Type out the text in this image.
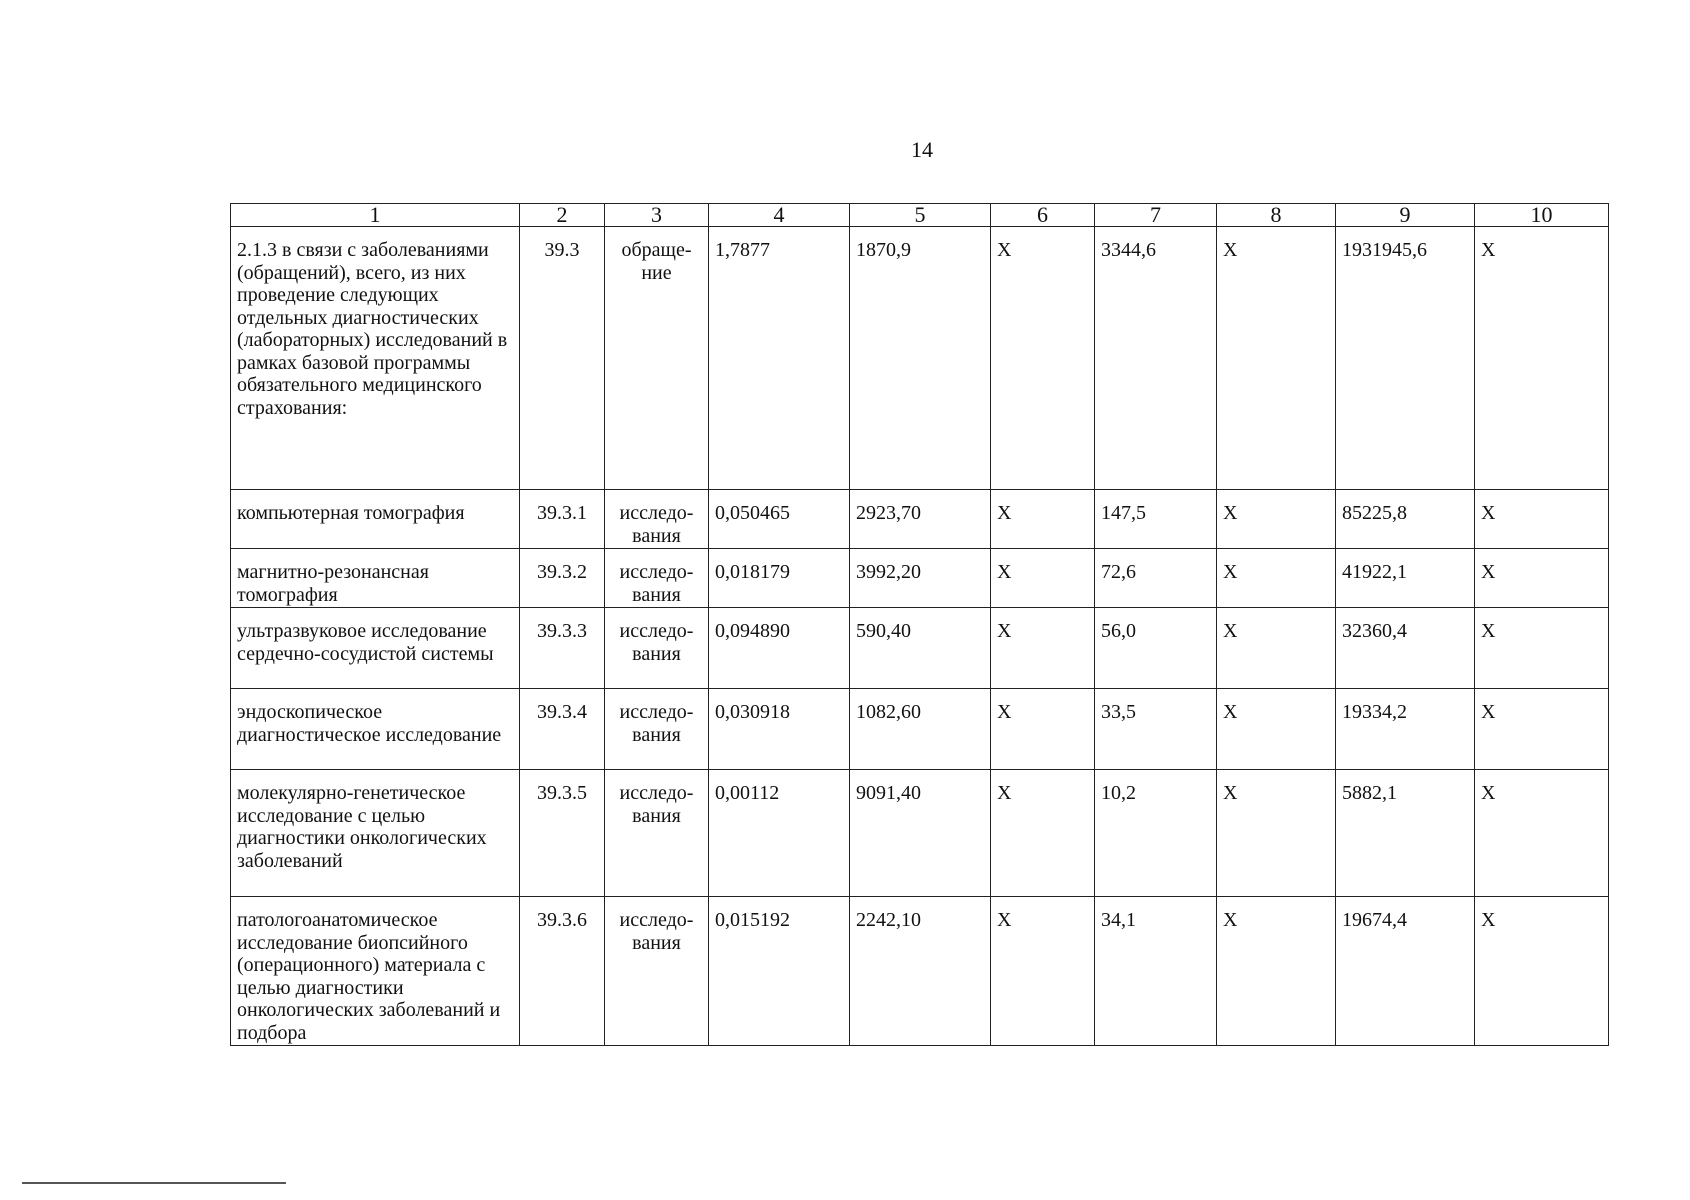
14
1	2	3	4	5	6	7	8	9	10
2.1.3 в связи с заболеваниями (обращений), всего, из них проведение следующих отдельных диагностических (лабораторных) исследований в рамках базовой программы обязательного медицинского страхования:	39.3	обраще-ние	1,7877	1870,9	X	3344,6	X	1931945,6	X
компьютерная томография	39.3.1	исследо-вания	0,050465	2923,70	X	147,5	X	85225,8	X
магнитно-резонансная томография	39.3.2	исследо-вания	0,018179	3992,20	X	72,6	X	41922,1	X
ультразвуковое исследование сердечно-сосудистой системы	39.3.3	исследо-вания	0,094890	590,40	X	56,0	X	32360,4	X
эндоскопическое диагностическое исследование	39.3.4	исследо-вания	0,030918	1082,60	X	33,5	X	19334,2	X
молекулярно-генетическое исследование с целью диагностики онкологических заболеваний	39.3.5	исследо-вания	0,00112	9091,40	X	10,2	X	5882,1	X
патологоанатомическое исследование биопсийного (операционного) материала с целью диагностики онкологических заболеваний и подбора	39.3.6	исследо-вания	0,015192	2242,10	X	34,1	X	19674,4	X
